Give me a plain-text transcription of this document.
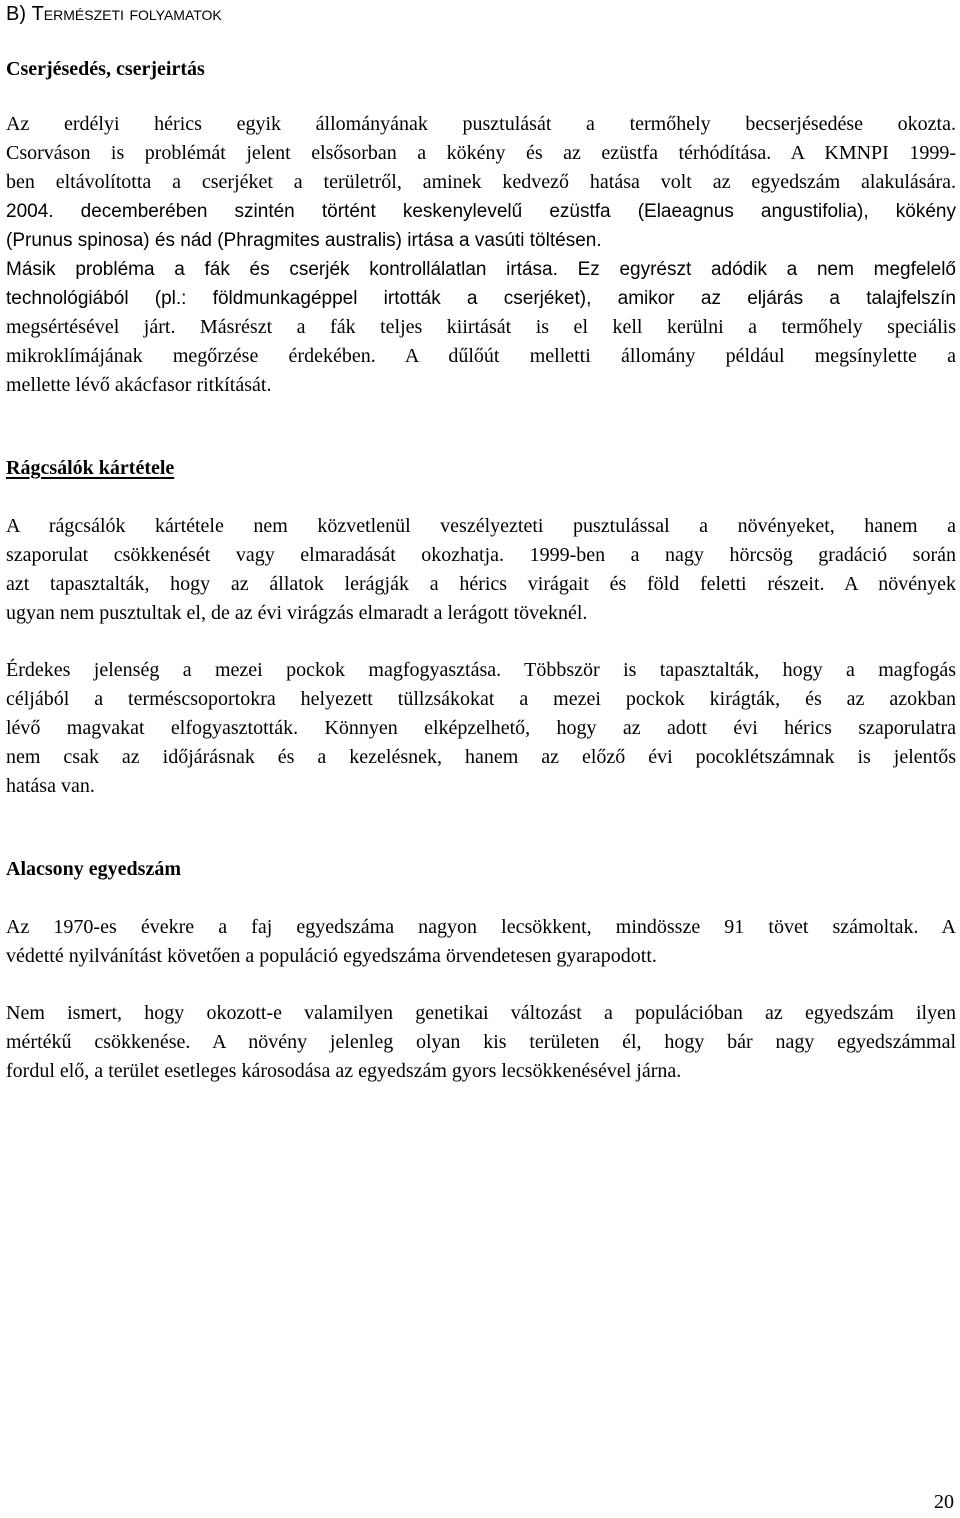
B) Természeti folyamatok
Cserjésedés, cserjeirtás
Az erdélyi hérics egyik állományának pusztulását a termőhely becserjésedése okozta.
Csorváson is problémát jelent elsősorban a kökény és az ezüstfa térhódítása. A KMNPI 1999-
ben eltávolította a cserjéket a területről, aminek kedvező hatása volt az egyedszám alakulására.
2004. decemberében szintén történt keskenylevelű ezüstfa (Elaeagnus angustifolia), kökény
(Prunus spinosa) és nád (Phragmites australis) irtása a vasúti töltésen.
Másik probléma a fák és cserjék kontrollálatlan irtása. Ez egyrészt adódik a nem megfelelő
technológiából (pl.: földmunkagéppel irtották a cserjéket), amikor az eljárás a talajfelszín
megsértésével járt. Másrészt a fák teljes kiirtását is el kell kerülni a termőhely speciális
mikroklímájának megőrzése érdekében. A dűlőút melletti állomány például megsínylette a
mellette lévő akácfasor ritkítását.
Rágcsálók kártétele
A rágcsálók kártétele nem közvetlenül veszélyezteti pusztulással a növényeket, hanem a
szaporulat csökkenését vagy elmaradását okozhatja. 1999-ben a nagy hörcsög gradáció során
azt tapasztalták, hogy az állatok lerágják a hérics virágait és föld feletti részeit. A növények
ugyan nem pusztultak el, de az évi virágzás elmaradt a lerágott töveknél.
Érdekes jelenség a mezei pockok magfogyasztása. Többször is tapasztalták, hogy a magfogás
céljából a terméscsoportokra helyezett tüllzsákokat a mezei pockok kirágták, és az azokban
lévő magvakat elfogyasztották. Könnyen elképzelhető, hogy az adott évi hérics szaporulatra
nem csak az időjárásnak és a kezelésnek, hanem az előző évi pocoklétszámnak is jelentős
hatása van.
Alacsony egyedszám
Az 1970-es évekre a faj egyedszáma nagyon lecsökkent, mindössze 91 tövet számoltak. A
védetté nyilvánítást követően a populáció egyedszáma örvendetesen gyarapodott.
Nem ismert, hogy okozott-e valamilyen genetikai változást a populációban az egyedszám ilyen
mértékű csökkenése. A növény jelenleg olyan kis területen él, hogy bár nagy egyedszámmal
fordul elő, a terület esetleges károsodása az egyedszám gyors lecsökkenésével járna.
20
